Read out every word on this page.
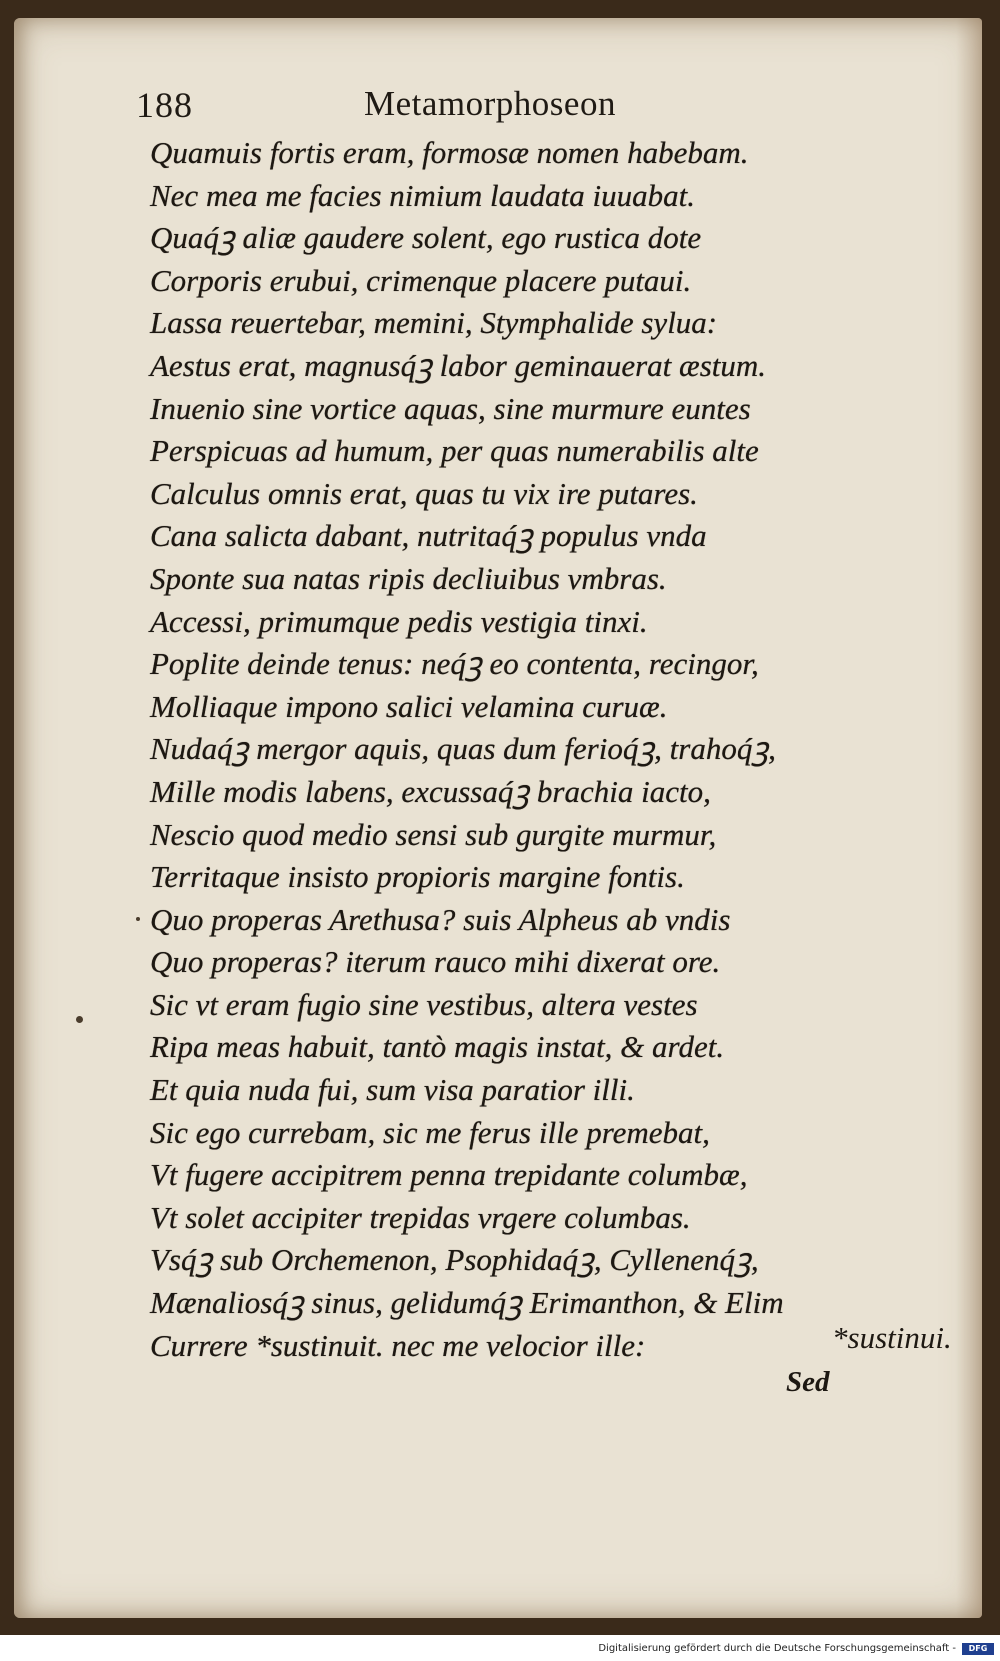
188	Metamorphoseon
Quamuis fortis eram, formosæ nomen habebam.
Nec mea me facies nimium laudata iuuabat.
Quaq́ꝫ aliæ gaudere solent, ego rustica dote
Corporis erubui, crimenque placere putaui.
Lassa reuertebar, memini, Stymphalide sylua:
Aestus erat, magnusq́ꝫ labor geminauerat æstum.
Inuenio sine vortice aquas, sine murmure euntes
Perspicuas ad humum, per quas numerabilis alte
Calculus omnis erat, quas tu vix ire putares.
Cana salicta dabant, nutritaq́ꝫ populus vnda
Sponte sua natas ripis decliuibus vmbras.
Accessi, primumque pedis vestigia tinxi.
Poplite deinde tenus: neq́ꝫ eo contenta, recingor,
Molliaque impono salici velamina curuæ.
Nudaq́ꝫ mergor aquis, quas dum ferioq́ꝫ, trahoq́ꝫ,
Mille modis labens, excussaq́ꝫ brachia iacto,
Nescio quod medio sensi sub gurgite murmur,
Territaque insisto propioris margine fontis.
Quo properas Arethusa? suis Alpheus ab vndis
Quo properas? iterum rauco mihi dixerat ore.
Sic vt eram fugio sine vestibus, altera vestes
Ripa meas habuit, tantò magis instat, & ardet.
Et quia nuda fui, sum visa paratior illi.
Sic ego currebam, sic me ferus ille premebat,
Vt fugere accipitrem penna trepidante columbæ,
Vt solet accipiter trepidas vrgere columbas.
Vsq́ꝫ sub Orchemenon, Psophidaq́ꝫ, Cyllenenq́ꝫ,
Mænaliosq́ꝫ sinus, gelidumq́ꝫ Erimanthon, & Elim
Currere *sustinuit. nec me velocior ille:	*sustinui.
Sed
Digitalisierung gefördert durch die Deutsche Forschungsgemeinschaft -	DFG
